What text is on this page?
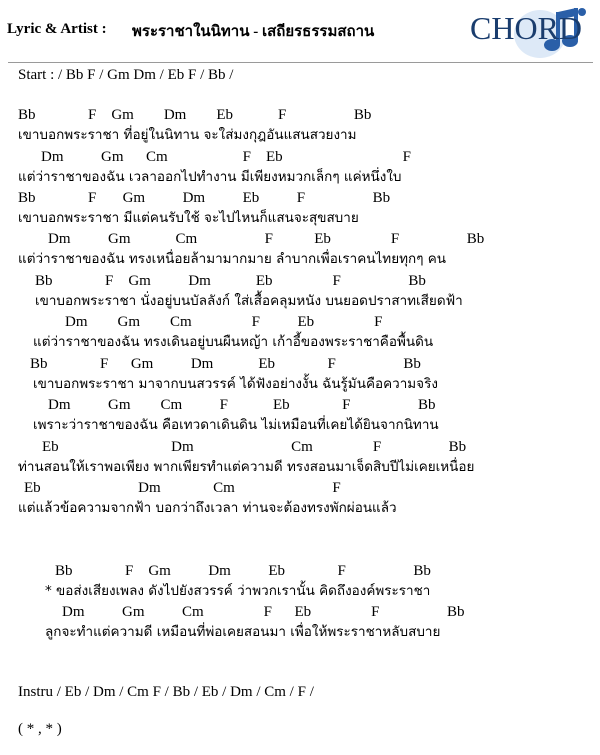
Lyric & Artist : พระราชาในนิทาน - เสถียรธรรมสถาน	CHORD
Start : / Bb F / Gm Dm / Eb F / Bb /
Bb              F    Gm        Dm        Eb            F                  Bb
เขาบอกพระราชา ที่อยู่ในนิทาน จะใส่มงกุฎอันแสนสวยงาม
Dm          Gm      Cm                    F    Eb                                F
แต่ว่าราชาของฉัน เวลาออกไปทำงาน มีเพียงหมวกเล็กๆ แค่หนึ่งใบ
Bb              F       Gm          Dm          Eb          F                  Bb
เขาบอกพระราชา มีแต่คนรับใช้ จะไปไหนก็แสนจะสุขสบาย
Dm          Gm            Cm                  F           Eb                F                  Bb
แต่ว่าราชาของฉัน ทรงเหนื่อยล้ามามากมาย ลำบากเพื่อเราคนไทยทุกๆ คน
Bb              F    Gm          Dm            Eb                F                  Bb
เขาบอกพระราชา นั่งอยู่บนบัลลังก์ ใส่เสื้อคลุมหนัง บนยอดปราสาทเสียดฟ้า
Dm        Gm        Cm                F          Eb                F
แต่ว่าราชาของฉัน ทรงเดินอยู่บนผืนหญ้า เก้าอี้ของพระราชาคือพื้นดิน
Bb              F      Gm          Dm            Eb              F                  Bb
เขาบอกพระราชา มาจากบนสวรรค์ ได้ฟังอย่างงั้น ฉันรู้มันคือความจริง
Dm          Gm        Cm          F            Eb              F                  Bb
เพราะว่าราชาของฉัน คือเทวดาเดินดิน ไม่เหมือนที่เคยได้ยินจากนิทาน
Eb                              Dm                          Cm                F                  Bb
ท่านสอนให้เราพอเพียง พากเพียรทำแต่ความดี ทรงสอนมาเจ็ดสิบปีไม่เคยเหนื่อย
Eb                          Dm              Cm                          F
แต่แล้วข้อความจากฟ้า บอกว่าถึงเวลา ท่านจะต้องทรงพักผ่อนแล้ว
Bb              F    Gm          Dm          Eb              F                  Bb
* ขอส่งเสียงเพลง ดังไปยังสวรรค์ ว่าพวกเรานั้น คิดถึงองค์พระราชา
Dm          Gm          Cm                F      Eb                F                  Bb
ลูกจะทำแต่ความดี เหมือนที่พ่อเคยสอนมา เพื่อให้พระราชาหลับสบาย
Instru / Eb / Dm / Cm F / Bb / Eb / Dm / Cm / F /
( * , * )
